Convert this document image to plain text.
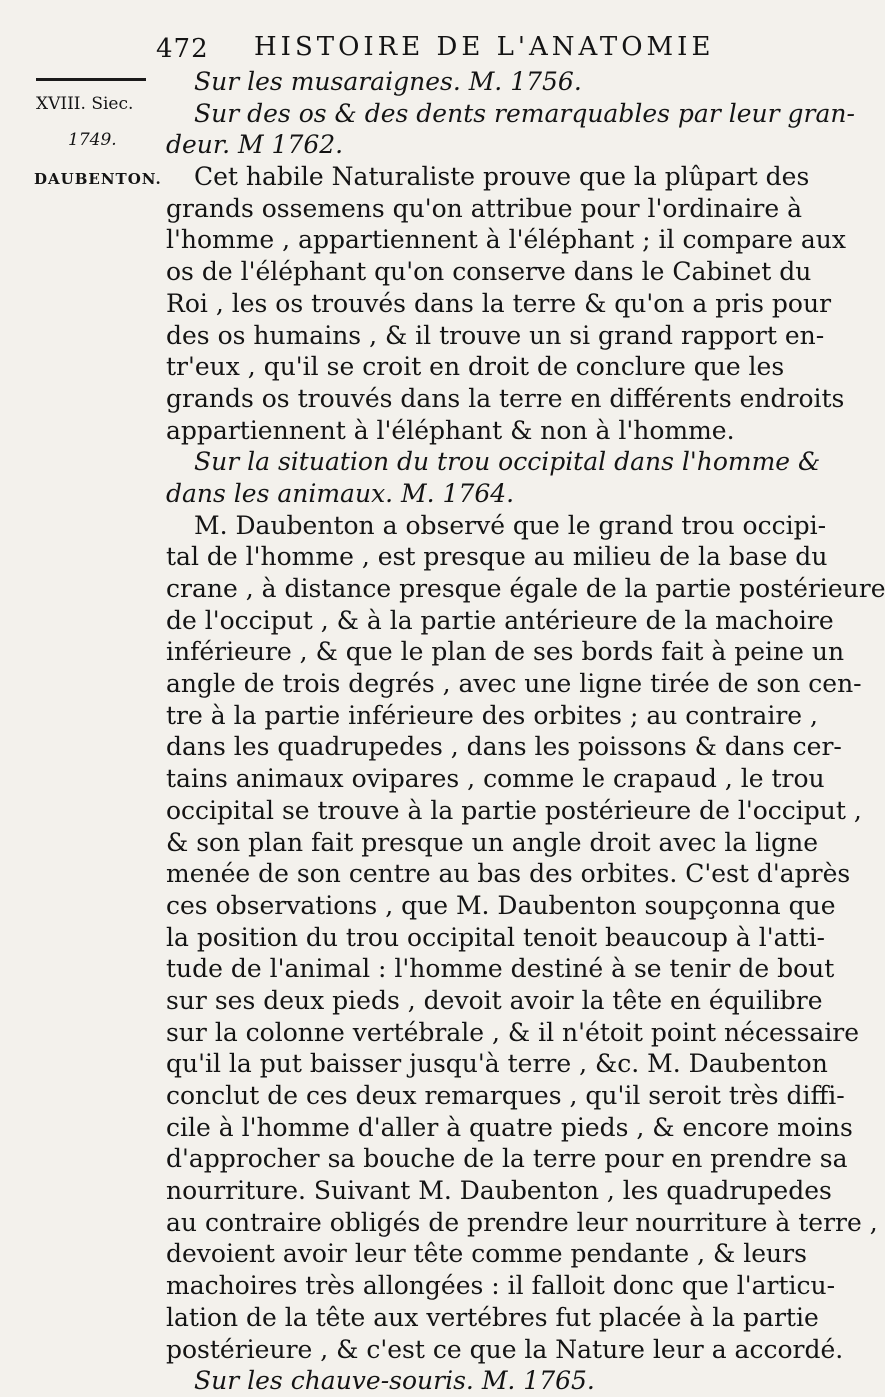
472 HISTOIRE DE L'ANATOMIE
XVIII. Siec.
1749.
DAUBENTON.
Sur les musaraignes. M. 1756.
Sur des os & des dents remarquables par leur gran-
deur. M 1762.
Cet habile Naturaliste prouve que la plûpart des
grands ossemens qu'on attribue pour l'ordinaire à
l'homme , appartiennent à l'éléphant ; il compare aux
os de l'éléphant qu'on conserve dans le Cabinet du
Roi , les os trouvés dans la terre & qu'on a pris pour
des os humains , & il trouve un si grand rapport en-
tr'eux , qu'il se croit en droit de conclure que les
grands os trouvés dans la terre en différents endroits
appartiennent à l'éléphant & non à l'homme.
Sur la situation du trou occipital dans l'homme &
dans les animaux. M. 1764.
M. Daubenton a observé que le grand trou occipi-
tal de l'homme , est presque au milieu de la base du
crane , à distance presque égale de la partie postérieure
de l'occiput , & à la partie antérieure de la machoire
inférieure , & que le plan de ses bords fait à peine un
angle de trois degrés , avec une ligne tirée de son cen-
tre à la partie inférieure des orbites ; au contraire ,
dans les quadrupedes , dans les poissons & dans cer-
tains animaux ovipares , comme le crapaud , le trou
occipital se trouve à la partie postérieure de l'occiput ,
& son plan fait presque un angle droit avec la ligne
menée de son centre au bas des orbites. C'est d'après
ces observations , que M. Daubenton soupçonna que
la position du trou occipital tenoit beaucoup à l'atti-
tude de l'animal : l'homme destiné à se tenir de bout
sur ses deux pieds , devoit avoir la tête en équilibre
sur la colonne vertébrale , & il n'étoit point nécessaire
qu'il la put baisser jusqu'à terre , &c. M. Daubenton
conclut de ces deux remarques , qu'il seroit très diffi-
cile à l'homme d'aller à quatre pieds , & encore moins
d'approcher sa bouche de la terre pour en prendre sa
nourriture. Suivant M. Daubenton , les quadrupedes
au contraire obligés de prendre leur nourriture à terre ,
devoient avoir leur tête comme pendante , & leurs
machoires très allongées : il falloit donc que l'articu-
lation de la tête aux vertébres fut placée à la partie
postérieure , & c'est ce que la Nature leur a accordé.
Sur les chauve-souris. M. 1765.
